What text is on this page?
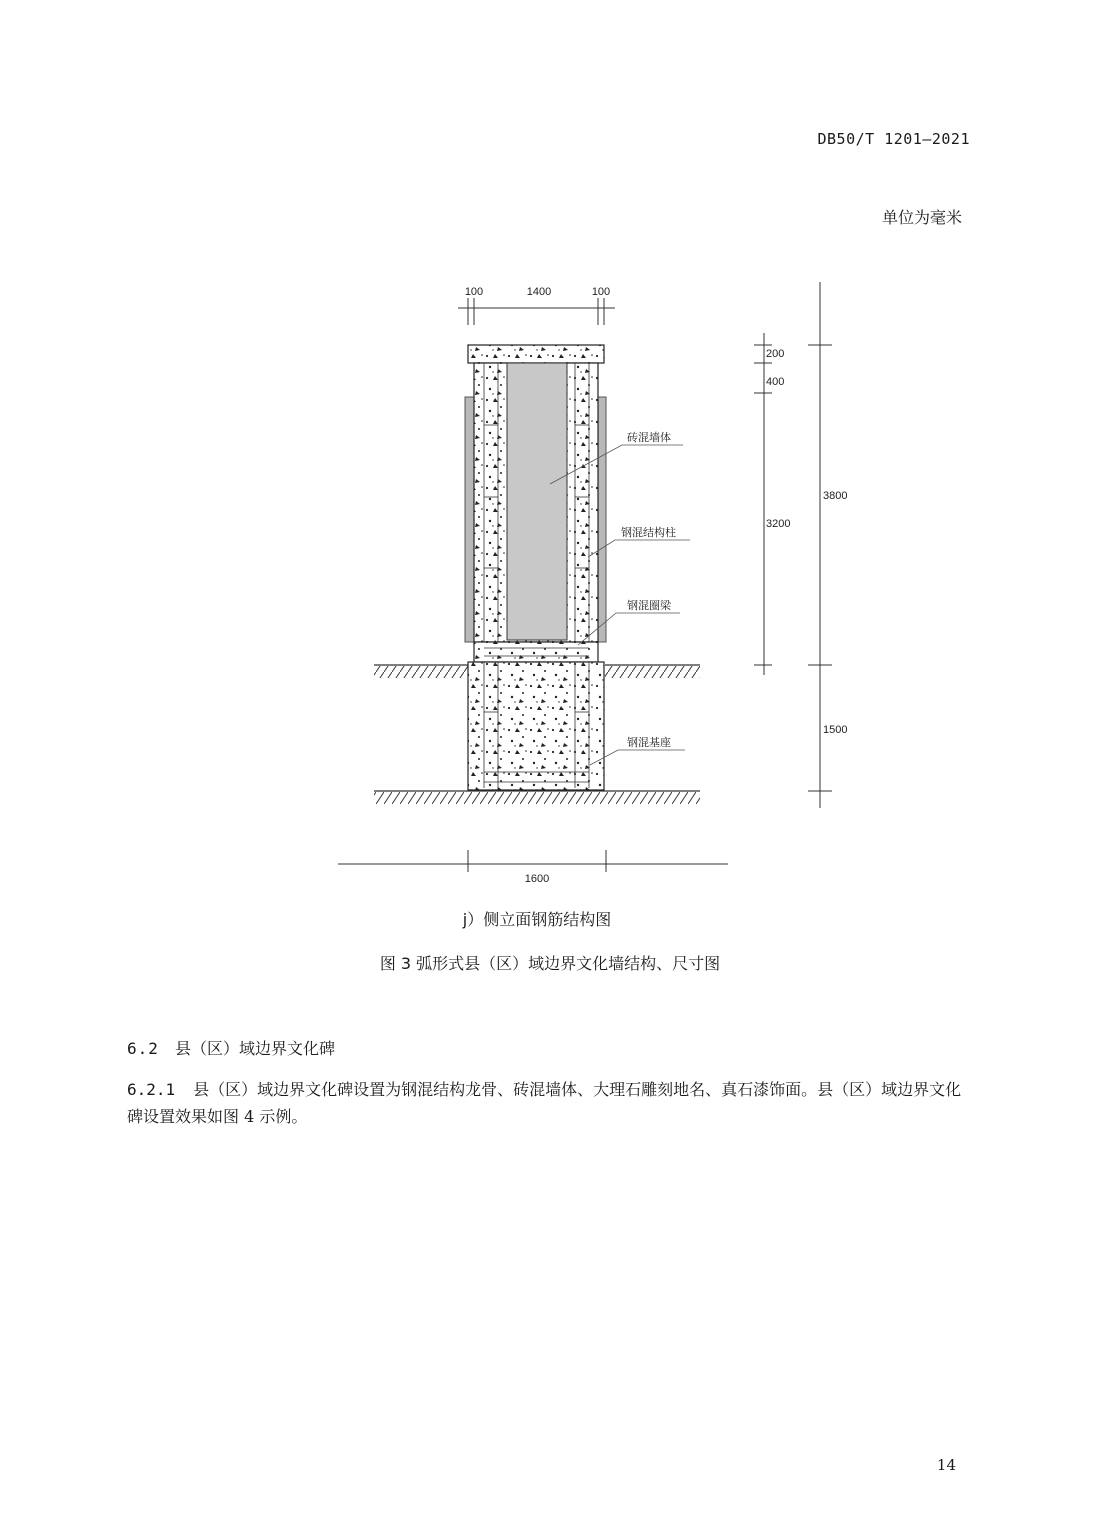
DB50/T 1201—2021
单位为毫米
100	1400	100
200
400
3200
3800
1500
1600
砖混墙体
钢混结构柱
钢混圈梁
钢混基座
j）侧立面钢筋结构图
图 3 弧形式县（区）域边界文化墙结构、尺寸图
6.2 县（区）域边界文化碑
6.2.1 县（区）域边界文化碑设置为钢混结构龙骨、砖混墙体、大理石雕刻地名、真石漆饰面。县（区）域边界文化碑设置效果如图 4 示例。
14
